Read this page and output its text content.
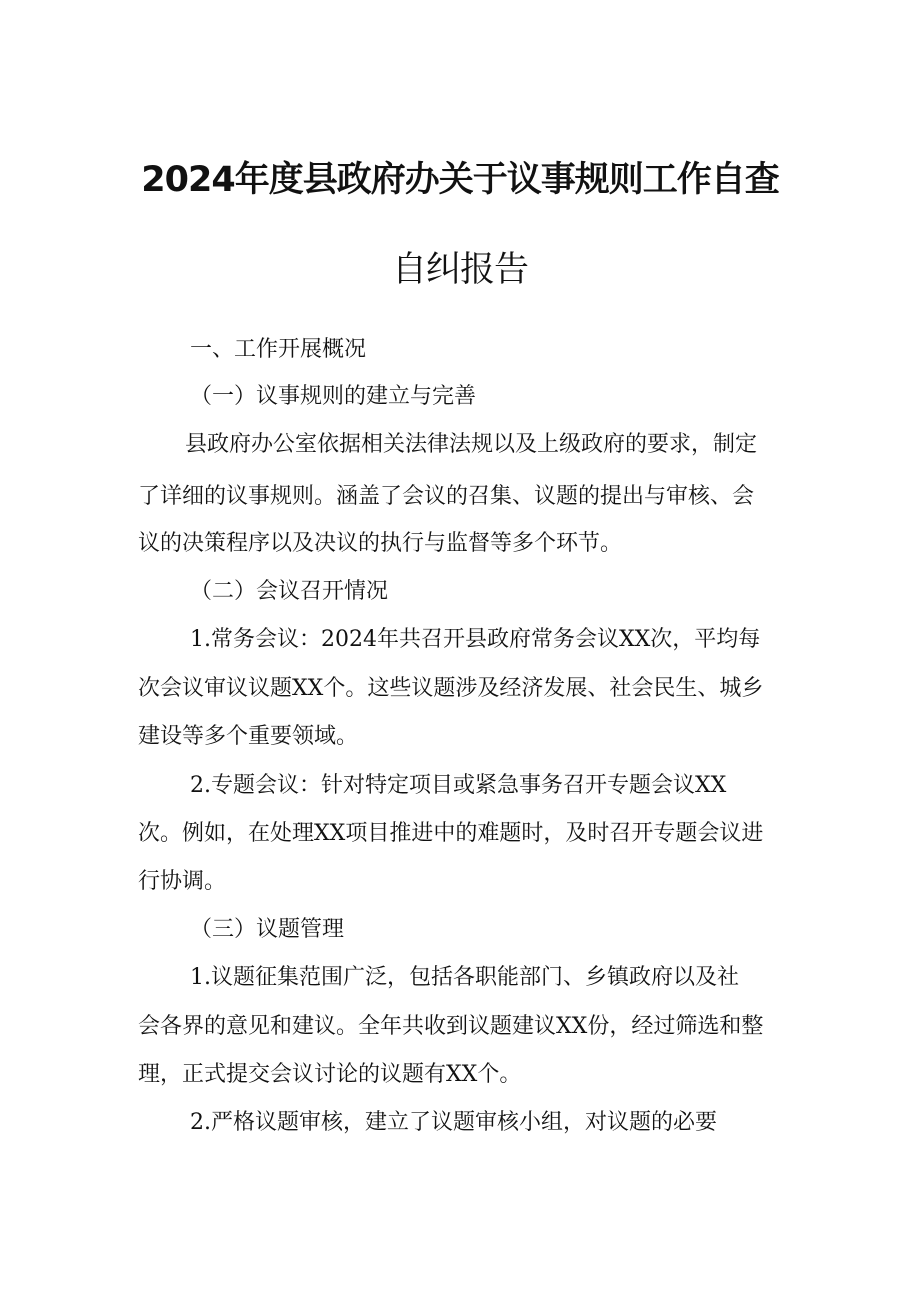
2024年度县政府办关于议事规则工作自查
自纠报告

一、工作开展概况

（一）议事规则的建立与完善

县政府办公室依据相关法律法规以及上级政府的要求，制定

了详细的议事规则。涵盖了会议的召集、议题的提出与审核、会

议的决策程序以及决议的执行与监督等多个环节。

（二）会议召开情况

1.常务会议：2024年共召开县政府常务会议XX次，平均每

次会议审议议题XX个。这些议题涉及经济发展、社会民生、城乡

建设等多个重要领域。

2.专题会议：针对特定项目或紧急事务召开专题会议XX

次。例如，在处理XX项目推进中的难题时，及时召开专题会议进

行协调。

（三）议题管理

1.议题征集范围广泛，包括各职能部门、乡镇政府以及社

会各界的意见和建议。全年共收到议题建议XX份，经过筛选和整

理，正式提交会议讨论的议题有XX个。

2.严格议题审核，建立了议题审核小组，对议题的必要
